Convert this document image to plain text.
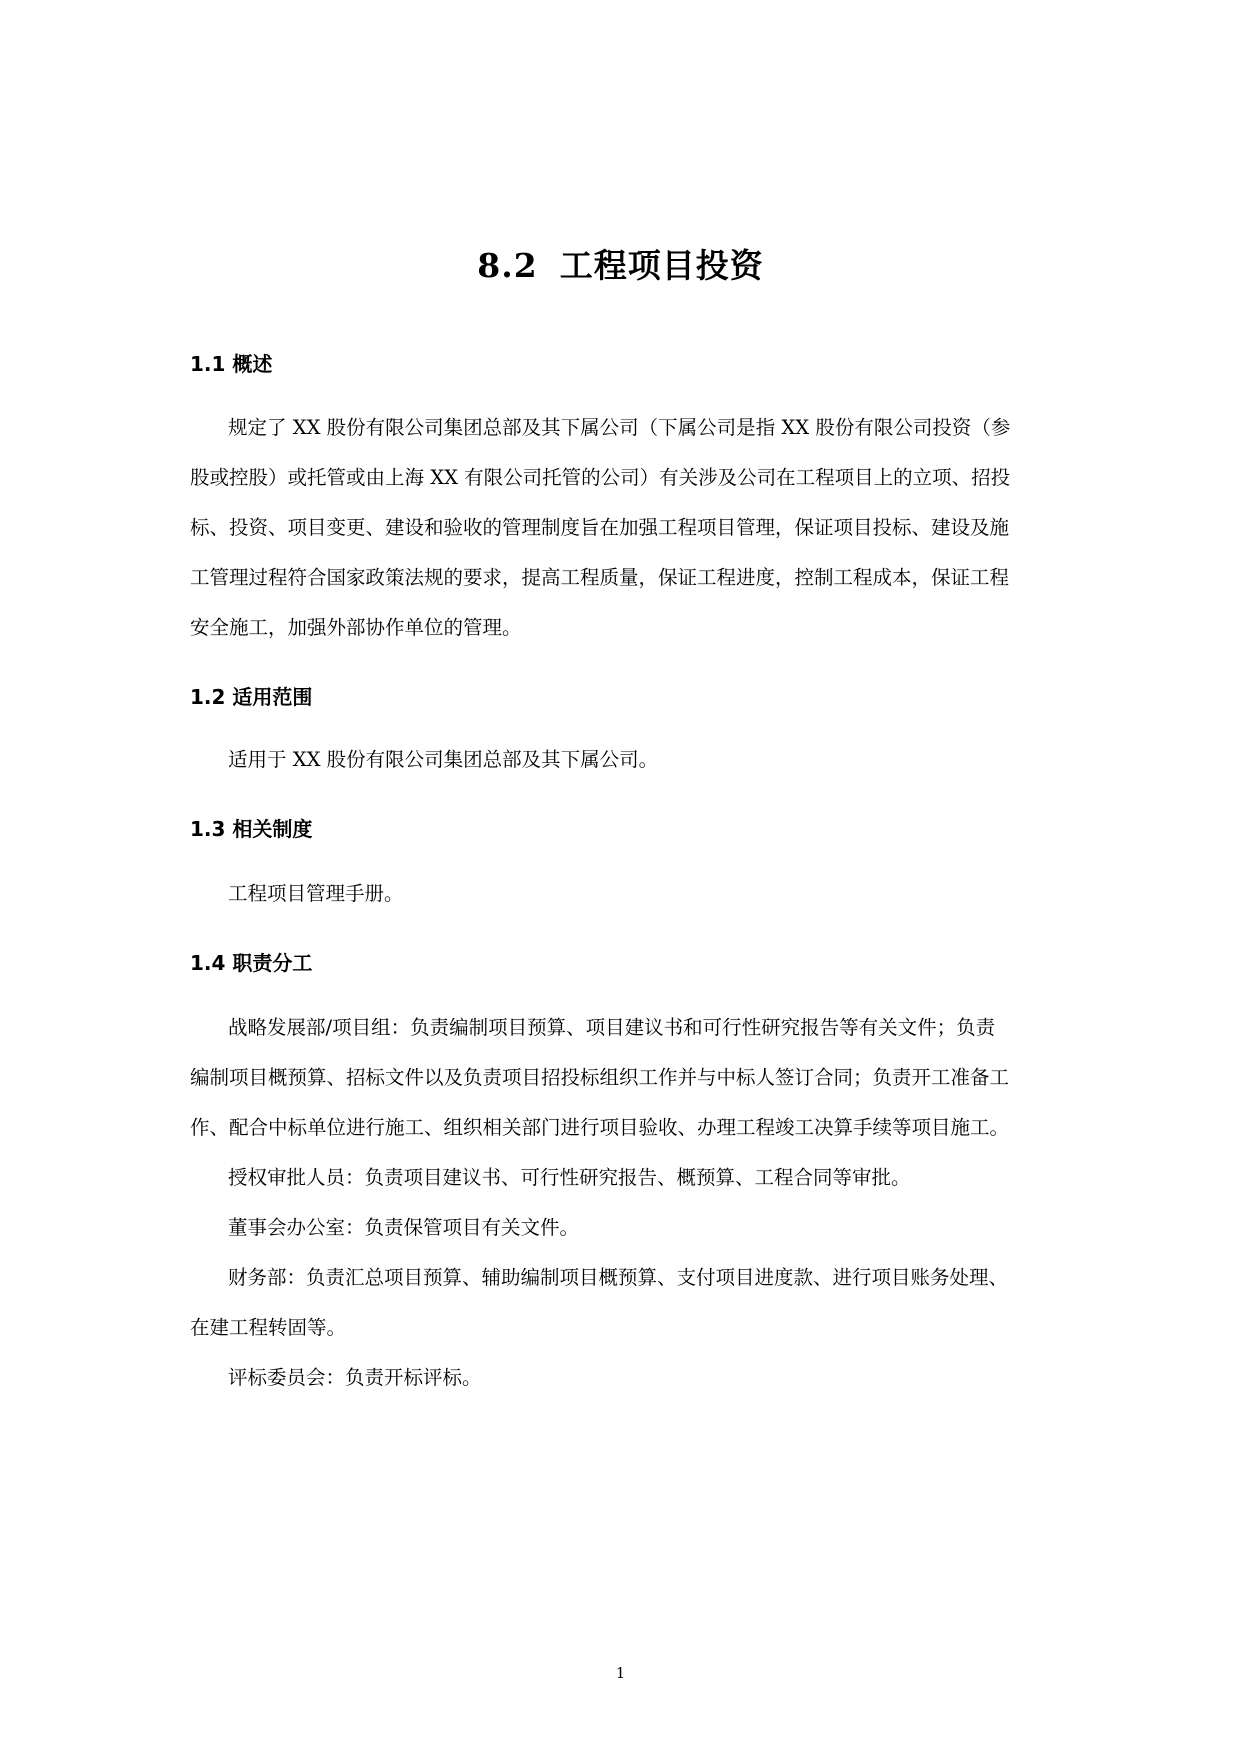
8.2 工程项目投资
1.1 概述
规定了 XX 股份有限公司集团总部及其下属公司（下属公司是指 XX 股份有限公司投资（参
股或控股）或托管或由上海 XX 有限公司托管的公司）有关涉及公司在工程项目上的立项、招投
标、投资、项目变更、建设和验收的管理制度旨在加强工程项目管理，保证项目投标、建设及施
工管理过程符合国家政策法规的要求，提高工程质量，保证工程进度，控制工程成本，保证工程
安全施工，加强外部协作单位的管理。
1.2 适用范围
适用于 XX 股份有限公司集团总部及其下属公司。
1.3 相关制度
工程项目管理手册。
1.4 职责分工
战略发展部/项目组：负责编制项目预算、项目建议书和可行性研究报告等有关文件；负责
编制项目概预算、招标文件以及负责项目招投标组织工作并与中标人签订合同；负责开工准备工
作、配合中标单位进行施工、组织相关部门进行项目验收、办理工程竣工决算手续等项目施工。
授权审批人员：负责项目建议书、可行性研究报告、概预算、工程合同等审批。
董事会办公室：负责保管项目有关文件。
财务部：负责汇总项目预算、辅助编制项目概预算、支付项目进度款、进行项目账务处理、
在建工程转固等。
评标委员会：负责开标评标。
1
